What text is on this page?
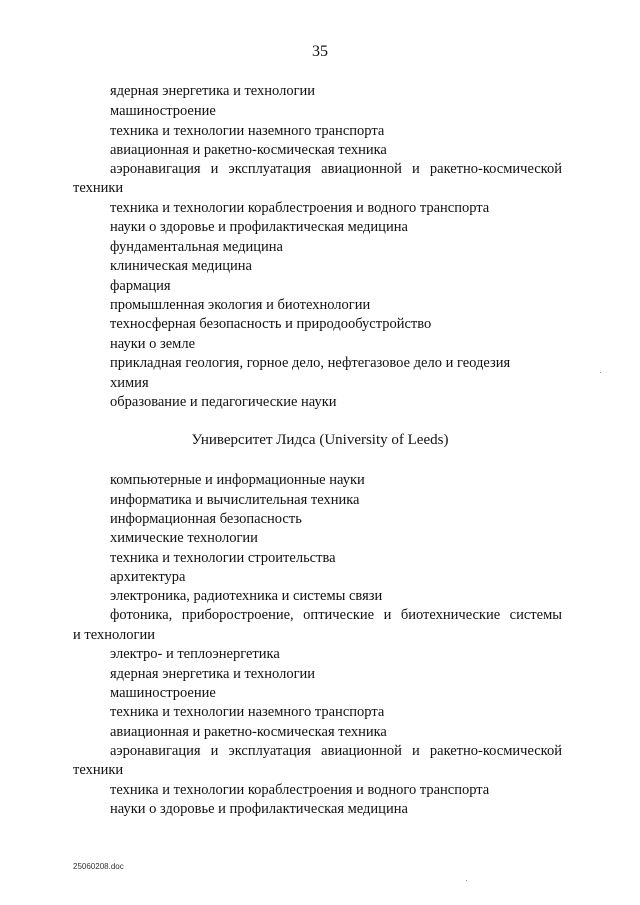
35
ядерная энергетика и технологии
машиностроение
техника и технологии наземного транспорта
авиационная и ракетно-космическая техника
аэронавигация и эксплуатация авиационной и ракетно-космической
техники
техника и технологии кораблестроения и водного транспорта
науки о здоровье и профилактическая медицина
фундаментальная медицина
клиническая медицина
фармация
промышленная экология и биотехнологии
техносферная безопасность и природообустройство
науки о земле
прикладная геология, горное дело, нефтегазовое дело и геодезия
химия
образование и педагогические науки
Университет Лидса (University of Leeds)
компьютерные и информационные науки
информатика и вычислительная техника
информационная безопасность
химические технологии
техника и технологии строительства
архитектура
электроника, радиотехника и системы связи
фотоника, приборостроение, оптические и биотехнические системы
и технологии
электро- и теплоэнергетика
ядерная энергетика и технологии
машиностроение
техника и технологии наземного транспорта
авиационная и ракетно-космическая техника
аэронавигация и эксплуатация авиационной и ракетно-космической
техники
техника и технологии кораблестроения и водного транспорта
науки о здоровье и профилактическая медицина
25060208.doc
